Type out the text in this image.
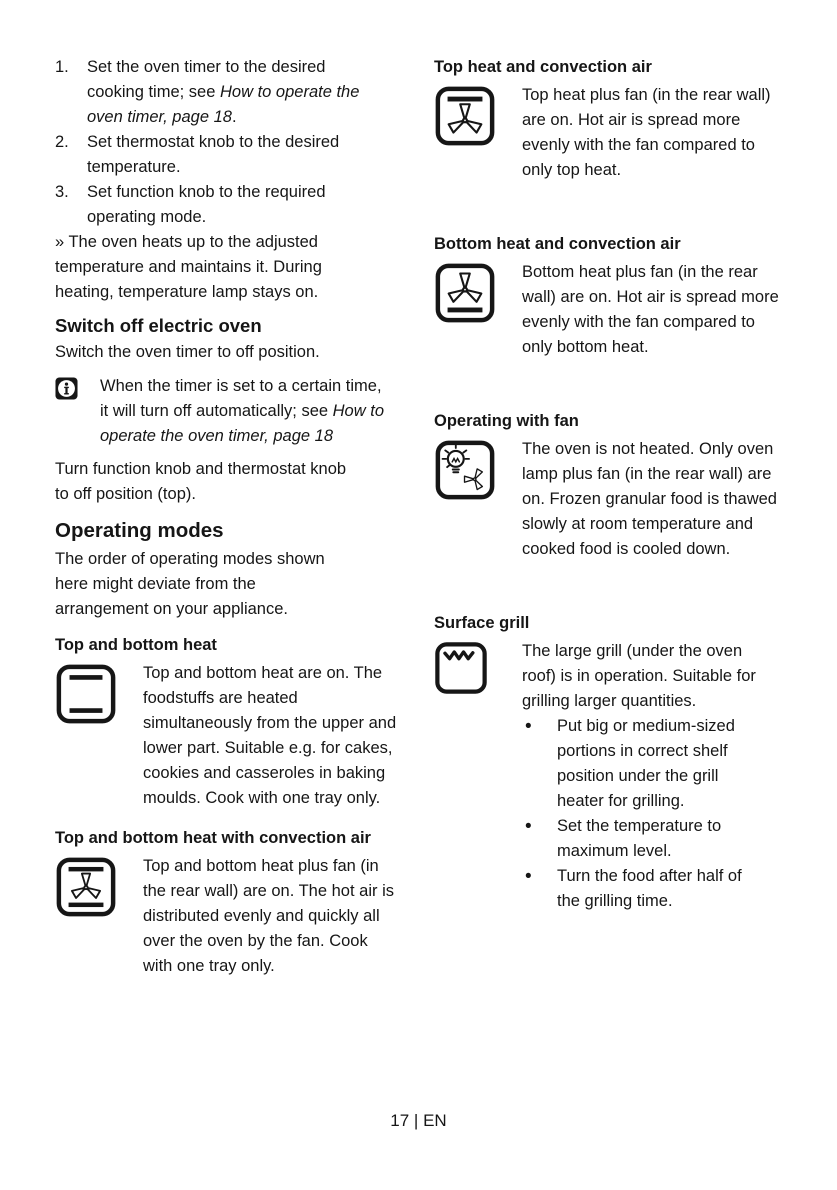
1.	Set the oven timer to the desired cooking time; see How to operate the oven timer, page 18.
2.	Set thermostat knob to the desired temperature.
3.	Set function knob to the required operating mode.

» The oven heats up to the adjusted temperature and maintains it. During heating, temperature lamp stays on.

Switch off electric oven

Switch the oven timer to off position.

When the timer is set to a certain time, it will turn off automatically; see How to operate the oven timer, page 18

Turn function knob and thermostat knob to off position (top).

Operating modes

The order of operating modes shown here might deviate from the arrangement on your appliance.

Top and bottom heat

Top and bottom heat are on. The foodstuffs are heated simultaneously from the upper and lower part. Suitable e.g. for cakes, cookies and casseroles in baking moulds. Cook with one tray only.

Top and bottom heat with convection air

Top and bottom heat plus fan (in the rear wall) are on. The hot air is distributed evenly and quickly all over the oven by the fan. Cook with one tray only.

Top heat and convection air

Top heat plus fan (in the rear wall) are on. Hot air is spread more evenly with the fan compared to only top heat.

Bottom heat and convection air

Bottom heat plus fan (in the rear wall) are on. Hot air is spread more evenly with the fan compared to only bottom heat.

Operating with fan

The oven is not heated. Only oven lamp plus fan (in the rear wall) are on. Frozen granular food is thawed slowly at room temperature and cooked food is cooled down.

Surface grill

The large grill (under the oven roof) is in operation. Suitable for grilling larger quantities.

• Put big or medium-sized portions in correct shelf position under the grill heater for grilling.
• Set the temperature to maximum level.
• Turn the food after half of the grilling time.
17 | EN
